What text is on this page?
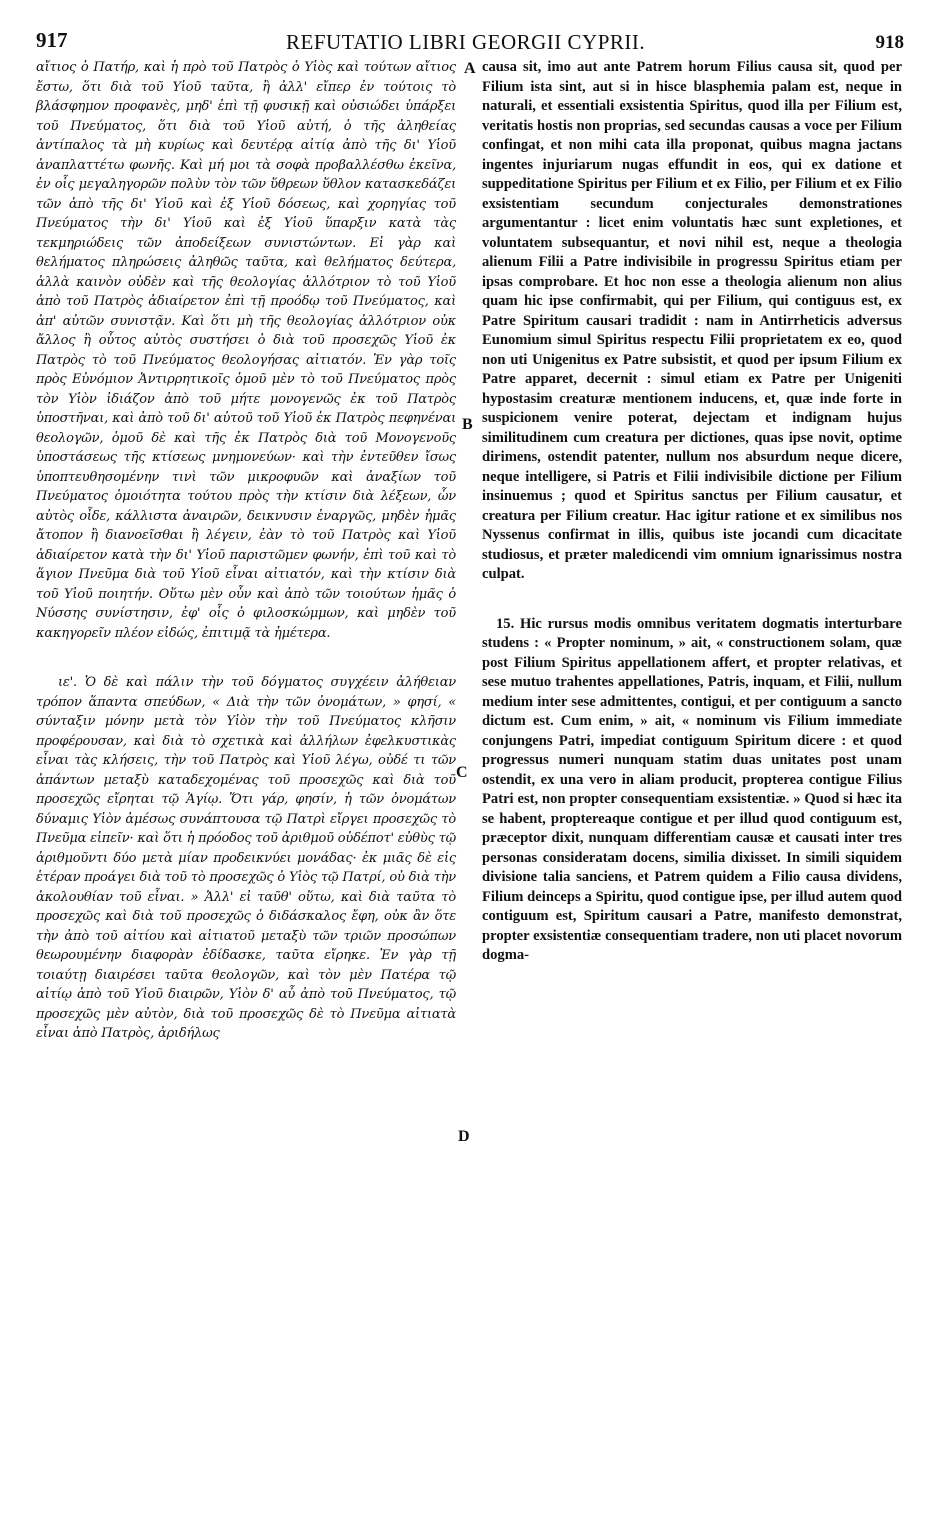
917	REFUTATIO LIBRI GEORGII CYPRII.	918

αἴτιος ὁ Πατήρ, καὶ ἡ πρὸ τοῦ Πατρὸς ὁ Υἱὸς καὶ τούτων αἴτιος ἔστω, ὅτι διὰ τοῦ Υἱοῦ ταῦτα, ἢ ἀλλ' εἴπερ ἐν τούτοις τὸ βλάσφημον προφανὲς, μηδ' ἐπὶ τῇ φυσικῇ καὶ οὐσιώδει ὑπάρξει τοῦ Πνεύματος, ὅτι διὰ τοῦ Υἱοῦ αὐτή, ὁ τῆς ἀληθείας ἀντίπαλος τὰ μὴ κυρίως καὶ δευτέρᾳ αἰτίᾳ ἀπὸ τῆς δι' Υἱοῦ ἀναπλαττέτω φωνῆς. Καὶ μή μοι τὰ σοφὰ προβαλλέσθω ἐκεῖνα, ἐν οἷς μεγαληγορῶν πολὺν τὸν τῶν ὕθρεων ὕθλον κατασκεδάζει τῶν ἀπὸ τῆς δι' Υἱοῦ καὶ ἐξ Υἱοῦ δόσεως, καὶ χορηγίας τοῦ Πνεύματος τὴν δι' Υἱοῦ καὶ ἐξ Υἱοῦ ὕπαρξιν κατὰ τὰς τεκμηριώδεις τῶν ἀποδείξεων συνιστώντων. Εἰ γὰρ καὶ θελήματος πληρώσεις ἀληθῶς ταῦτα, καὶ θελήματος δεύτερα, ἀλλὰ καινὸν οὐδὲν καὶ τῆς θεολογίας ἀλλότριον τὸ τοῦ Υἱοῦ ἀπὸ τοῦ Πατρὸς ἀδιαίρετον ἐπὶ τῇ προόδῳ τοῦ Πνεύματος, καὶ ἀπ' αὐτῶν συνιστᾷν. Καὶ ὅτι μὴ τῆς θεολογίας ἀλλότριον οὐκ ἄλλος ἢ οὗτος αὐτὸς συστήσει ὁ διὰ τοῦ προσεχῶς Υἱοῦ ἐκ Πατρὸς τὸ τοῦ Πνεύματος θεολογήσας αἰτιατόν. Ἐν γὰρ τοῖς πρὸς Εὐνόμιον Ἀντιρρητικοῖς ὁμοῦ μὲν τὸ τοῦ Πνεύματος πρὸς τὸν Υἱὸν ἰδιάζον ἀπὸ τοῦ μήτε μονογενῶς ἐκ τοῦ Πατρὸς ὑποστῆναι, καὶ ἀπὸ τοῦ δι' αὐτοῦ τοῦ Υἱοῦ ἐκ Πατρὸς πεφηνέναι θεολογῶν, ὁμοῦ δὲ καὶ τῆς ἐκ Πατρὸς διὰ τοῦ Μονογενοῦς ὑποστάσεως τῆς κτίσεως μνημονεύων· καὶ τὴν ἐντεῦθεν ἴσως ὑποπτευθησομένην τινὶ τῶν μικροφυῶν καὶ ἀναξίων τοῦ Πνεύματος ὁμοιότητα τούτου πρὸς τὴν κτίσιν διὰ λέξεων, ὧν αὐτὸς οἶδε, κάλλιστα ἀναιρῶν, δεικνυσιν ἐναργῶς, μηδὲν ἡμᾶς ἄτοπον ἢ διανοεῖσθαι ἢ λέγειν, ἐὰν τὸ τοῦ Πατρὸς καὶ Υἱοῦ ἀδιαίρετον κατὰ τὴν δι' Υἱοῦ παριστῶμεν φωνήν, ἐπὶ τοῦ καὶ τὸ ἅγιον Πνεῦμα διὰ τοῦ Υἱοῦ εἶναι αἰτιατόν, καὶ τὴν κτίσιν διὰ τοῦ Υἱοῦ ποιητήν. Οὕτω μὲν οὖν καὶ ἀπὸ τῶν τοιούτων ἡμᾶς ὁ Νύσσης συνίστησιν, ἐφ' οἷς ὁ φιλοσκώμμων, καὶ μηδὲν τοῦ κακηγορεῖν πλέον εἰδώς, ἐπιτιμᾷ τὰ ἡμέτερα.

ιε'. Ὁ δὲ καὶ πάλιν τὴν τοῦ δόγματος συγχέειν ἀλήθειαν τρόπον ἅπαντα σπεύδων, « Διὰ τὴν τῶν ὀνομάτων, » φησί, « σύνταξιν μόνην μετὰ τὸν Υἱὸν τὴν τοῦ Πνεύματος κλῆσιν προφέρουσαν, καὶ διὰ τὸ σχετικὰ καὶ ἀλλήλων ἐφελκυστικὰς εἶναι τὰς κλήσεις, τὴν τοῦ Πατρὸς καὶ Υἱοῦ λέγω, οὐδέ τι τῶν ἀπάντων μεταξὺ καταδεχομένας τοῦ προσεχῶς καὶ διὰ τοῦ προσεχῶς εἴρηται τῷ Ἁγίῳ. Ὅτι γάρ, φησίν, ἡ τῶν ὀνομάτων δύναμις Υἱὸν ἀμέσως συνάπτουσα τῷ Πατρὶ εἴργει προσεχῶς τὸ Πνεῦμα εἰπεῖν· καὶ ὅτι ἡ πρόοδος τοῦ ἀριθμοῦ οὐδέποτ' εὐθὺς τῷ ἀριθμοῦντι δύο μετὰ μίαν προδεικνύει μονάδας· ἐκ μιᾶς δὲ εἰς ἑτέραν προάγει διὰ τοῦ τὸ προσεχῶς ὁ Υἱὸς τῷ Πατρί, οὐ διὰ τὴν ἀκολουθίαν τοῦ εἶναι. » Ἀλλ' εἰ ταῦθ' οὕτω, καὶ διὰ ταῦτα τὸ προσεχῶς καὶ διὰ τοῦ προσεχῶς ὁ διδάσκαλος ἔφη, οὐκ ἂν ὅτε τὴν ἀπὸ τοῦ αἰτίου καὶ αἰτιατοῦ μεταξὺ τῶν τριῶν προσώπων θεωρουμένην διαφορὰν ἐδίδασκε, ταῦτα εἴρηκε. Ἐν γὰρ τῇ τοιαύτῃ διαιρέσει ταῦτα θεολογῶν, καὶ τὸν μὲν Πατέρα τῷ αἰτίῳ ἀπὸ τοῦ Υἱοῦ διαιρῶν, Υἱὸν δ' αὖ ἀπὸ τοῦ Πνεύματος, τῷ προσεχῶς μὲν αὐτὸν, διὰ τοῦ προσεχῶς δὲ τὸ Πνεῦμα αἰτιατὰ εἶναι ἀπὸ Πατρὸς, ἀριδήλως

A
B
C
D

causa sit, imo aut ante Patrem horum Filius causa sit, quod per Filium ista sint, aut si in hisce blasphemia palam est, neque in naturali, et essentiali exsistentia Spiritus, quod illa per Filium est, veritatis hostis non proprias, sed secundas causas a voce per Filium confingat, et non mihi cata illa proponat, quibus magna jactans ingentes injuriarum nugas effundit in eos, qui ex datione et suppeditatione Spiritus per Filium et ex Filio, per Filium et ex Filio exsistentiam secundum conjecturales demonstrationes argumentantur : licet enim voluntatis hæc sunt expletiones, et voluntatem subsequantur, et novi nihil est, neque a theologia alienum Filii a Patre indivisibile in progressu Spiritus etiam per ipsas comprobare. Et hoc non esse a theologia alienum non alius quam hic ipse confirmabit, qui per Filium, qui contiguus est, ex Patre Spiritum causari tradidit : nam in Antirrheticis adversus Eunomium simul Spiritus respectu Filii proprietatem ex eo, quod non uti Unigenitus ex Patre subsistit, et quod per ipsum Filium ex Patre apparet, decernit : simul etiam ex Patre per Unigeniti hypostasim creaturæ mentionem inducens, et, quæ inde forte in suspicionem venire poterat, dejectam et indignam hujus similitudinem cum creatura per dictiones, quas ipse novit, optime dirimens, ostendit patenter, nullum nos absurdum neque dicere, neque intelligere, si Patris et Filii indivisibile dictione per Filium insinuemus ; quod et Spiritus sanctus per Filium causatur, et creatura per Filium creatur. Hac igitur ratione et ex similibus nos Nyssenus confirmat in illis, quibus iste jocandi cum dicacitate studiosus, et præter maledicendi vim omnium ignarissimus nostra culpat.

15. Hic rursus modis omnibus veritatem dogmatis interturbare studens : « Propter nominum, » ait, « constructionem solam, quæ post Filium Spiritus appellationem affert, et propter relativas, et sese mutuo trahentes appellationes, Patris, inquam, et Filii, nullum medium inter sese admittentes, contigui, et per contiguum a sancto dictum est. Cum enim, » ait, « nominum vis Filium immediate conjungens Patri, impediat contiguum Spiritum dicere : et quod progressus numeri nunquam statim duas unitates post unam ostendit, ex una vero in aliam producit, propterea contigue Filius Patri est, non propter consequentiam exsistentiæ. » Quod si hæc ita se habent, proptereaque contigue et per illud quod contiguum est, præceptor dixit, nunquam differentiam causæ et causati inter tres personas consideratam docens, similia dixisset. In simili siquidem divisione talia sanciens, et Patrem quidem a Filio causa dividens, Filium deinceps a Spiritu, quod contigue ipse, per illud autem quod contiguum est, Spiritum causari a Patre, manifesto demonstrat, propter exsistentiæ consequentiam tradere, non uti placet novorum dogma-
